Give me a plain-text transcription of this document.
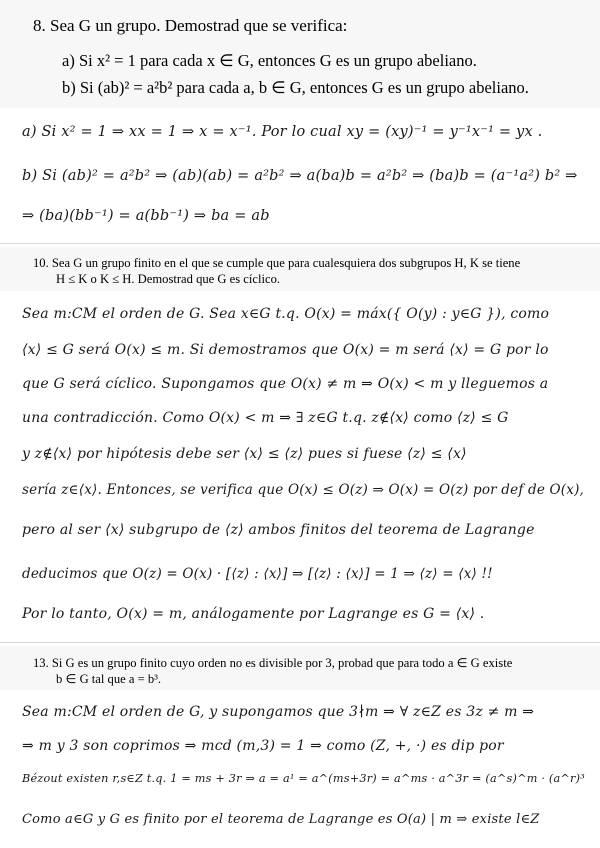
8. Sea G un grupo. Demostrad que se verifica:
a) Si x² = 1 para cada x ∈ G, entonces G es un grupo abeliano.
b) Si (ab)² = a²b² para cada a, b ∈ G, entonces G es un grupo abeliano.
a) Si x² = 1 ⇒ xx = 1 ⇒ x = x⁻¹. Por lo cual xy = (xy)⁻¹ = y⁻¹x⁻¹ = yx .
b) Si (ab)² = a²b² ⇒ (ab)(ab) = a²b² ⇒ a(ba)b = a²b² ⇒ (ba)b = (a⁻¹a²) b² ⇒
⇒ (ba)(bb⁻¹) = a(bb⁻¹) ⇒ ba = ab
10. Sea G un grupo finito en el que se cumple que para cualesquiera dos subgrupos H, K se tiene
H ≤ K o K ≤ H. Demostrad que G es cíclico.
Sea m:CM el orden de G. Sea x∈G t.q. O(x) = máx({ O(y) : y∈G }), como
⟨x⟩ ≤ G será O(x) ≤ m. Si demostramos que O(x) = m será ⟨x⟩ = G por lo
que G será cíclico. Supongamos que O(x) ≠ m ⇒ O(x) < m y lleguemos a
una contradicción. Como O(x) < m ⇒ ∃ z∈G t.q. z∉⟨x⟩ como ⟨z⟩ ≤ G
y z∉⟨x⟩ por hipótesis debe ser ⟨x⟩ ≤ ⟨z⟩ pues si fuese ⟨z⟩ ≤ ⟨x⟩
sería z∈⟨x⟩. Entonces, se verifica que O(x) ≤ O(z) ⇒ O(x) = O(z) por def de O(x),
pero al ser ⟨x⟩ subgrupo de ⟨z⟩ ambos finitos del teorema de Lagrange
deducimos que O(z) = O(x) · [⟨z⟩ : ⟨x⟩] ⇒ [⟨z⟩ : ⟨x⟩] = 1 ⇒ ⟨z⟩ = ⟨x⟩ !!
Por lo tanto, O(x) = m, análogamente por Lagrange es G = ⟨x⟩ .
13. Si G es un grupo finito cuyo orden no es divisible por 3, probad que para todo a ∈ G existe
b ∈ G tal que a = b³.
Sea m:CM el orden de G, y supongamos que 3∤m ⇒ ∀ z∈Z es 3z ≠ m ⇒
⇒ m y 3 son coprimos ⇒ mcd (m,3) = 1 ⇒ como (Z, +, ·) es dip por
Bézout existen r,s∈Z t.q. 1 = ms + 3r ⇒ a = a¹ = a^(ms+3r) = a^ms · a^3r = (a^s)^m · (a^r)³
Como a∈G y G es finito por el teorema de Lagrange es O(a) | m ⇒ existe l∈Z
